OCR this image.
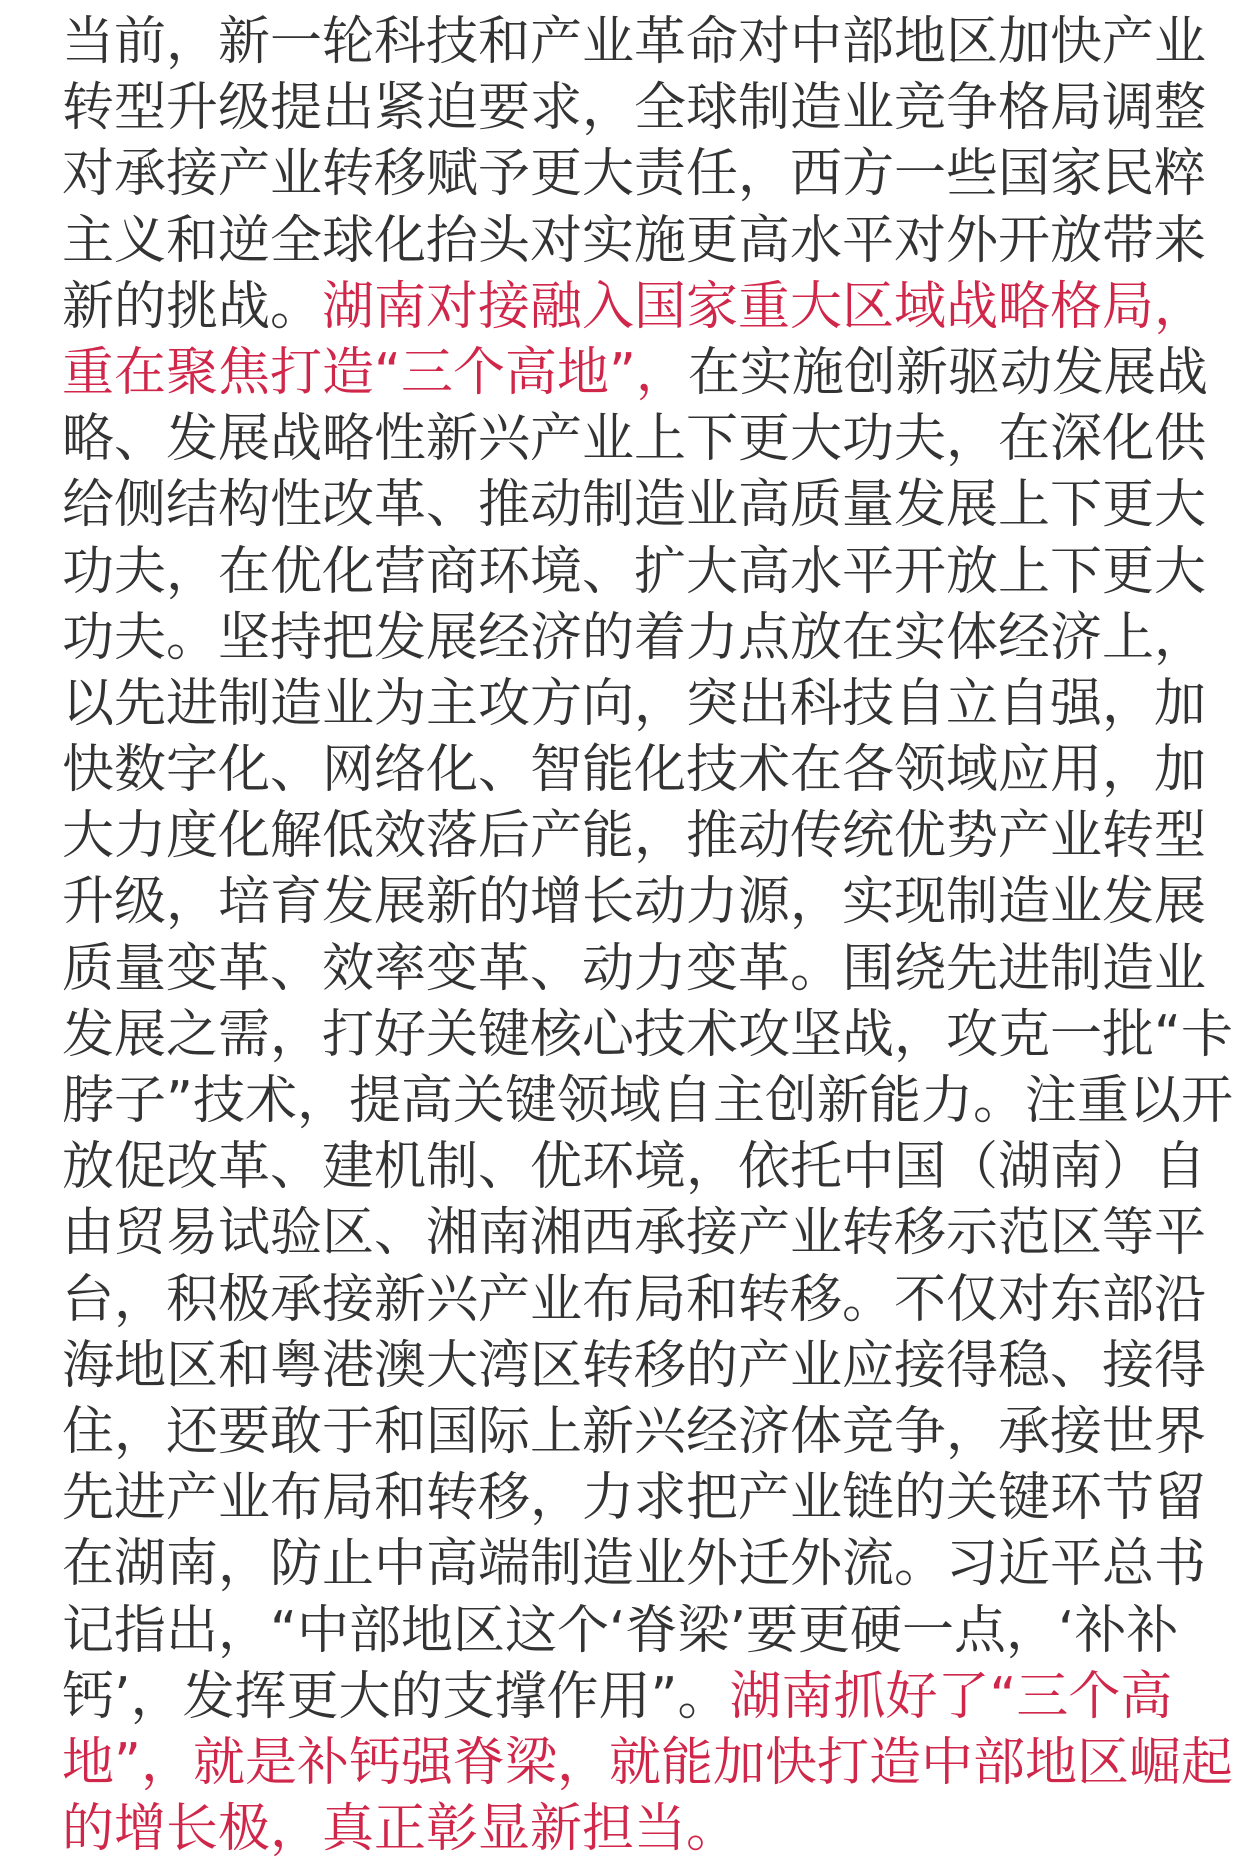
当前，新一轮科技和产业革命对中部地区加快产业
转型升级提出紧迫要求，全球制造业竞争格局调整
对承接产业转移赋予更大责任，西方一些国家民粹
主义和逆全球化抬头对实施更高水平对外开放带来
新的挑战。湖南对接融入国家重大区域战略格局，
重在聚焦打造“三个高地”，在实施创新驱动发展战
略、发展战略性新兴产业上下更大功夫，在深化供
给侧结构性改革、推动制造业高质量发展上下更大
功夫，在优化营商环境、扩大高水平开放上下更大
功夫。坚持把发展经济的着力点放在实体经济上，
以先进制造业为主攻方向，突出科技自立自强，加
快数字化、网络化、智能化技术在各领域应用，加
大力度化解低效落后产能，推动传统优势产业转型
升级，培育发展新的增长动力源，实现制造业发展
质量变革、效率变革、动力变革。围绕先进制造业
发展之需，打好关键核心技术攻坚战，攻克一批“卡
脖子”技术，提高关键领域自主创新能力。注重以开
放促改革、建机制、优环境，依托中国（湖南）自
由贸易试验区、湘南湘西承接产业转移示范区等平
台，积极承接新兴产业布局和转移。不仅对东部沿
海地区和粤港澳大湾区转移的产业应接得稳、接得
住，还要敢于和国际上新兴经济体竞争，承接世界
先进产业布局和转移，力求把产业链的关键环节留
在湖南，防止中高端制造业外迁外流。习近平总书
记指出，“中部地区这个‘脊梁’要更硬一点，‘补补
钙’，发挥更大的支撑作用”。湖南抓好了“三个高
地”，就是补钙强脊梁，就能加快打造中部地区崛起
的增长极，真正彰显新担当。
